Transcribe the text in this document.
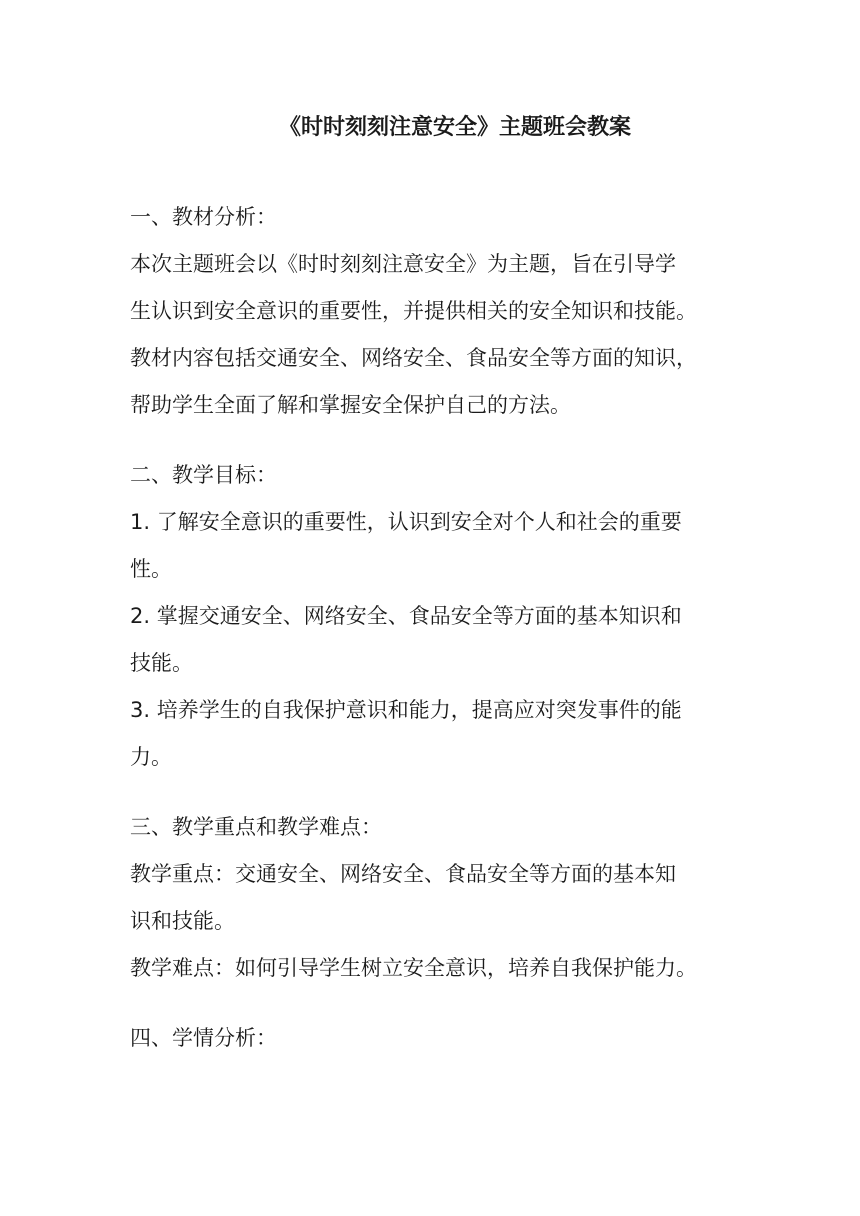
《时时刻刻注意安全》主题班会教案
一、教材分析：
本次主题班会以《时时刻刻注意安全》为主题，旨在引导学
生认识到安全意识的重要性，并提供相关的安全知识和技能。
教材内容包括交通安全、网络安全、食品安全等方面的知识，
帮助学生全面了解和掌握安全保护自己的方法。
二、教学目标：
1. 了解安全意识的重要性，认识到安全对个人和社会的重要
性。
2. 掌握交通安全、网络安全、食品安全等方面的基本知识和
技能。
3. 培养学生的自我保护意识和能力，提高应对突发事件的能
力。
三、教学重点和教学难点：
教学重点：交通安全、网络安全、食品安全等方面的基本知
识和技能。
教学难点：如何引导学生树立安全意识，培养自我保护能力。
四、学情分析：
